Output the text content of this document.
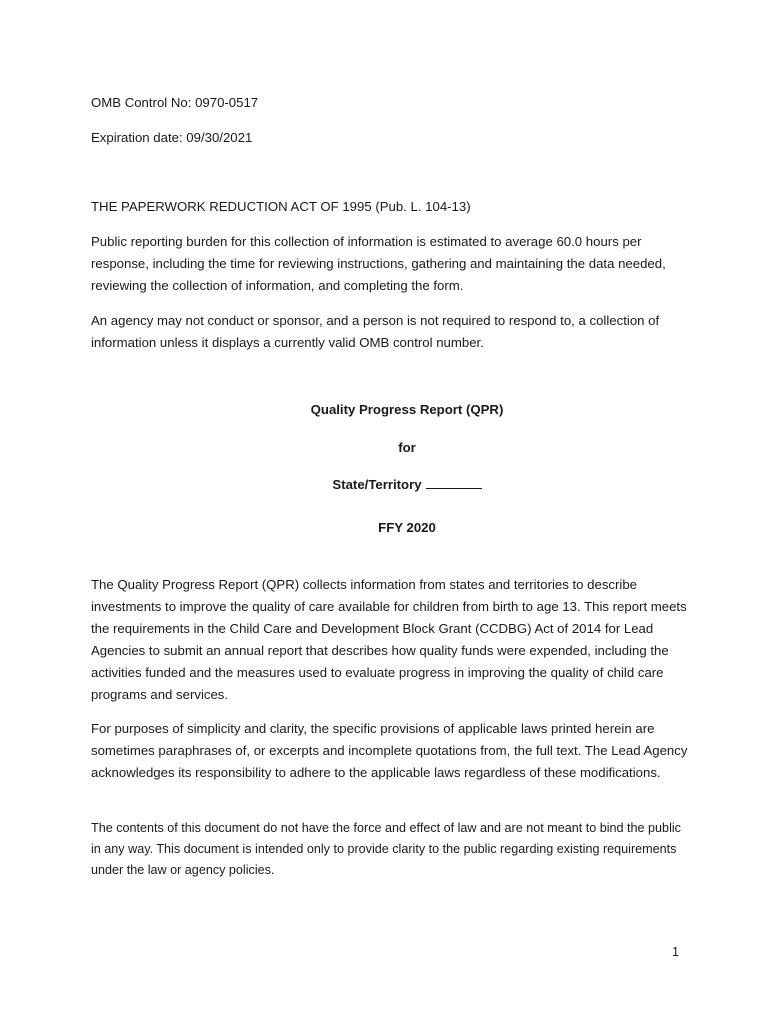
OMB Control No: 0970-0517
Expiration date: 09/30/2021
THE PAPERWORK REDUCTION ACT OF 1995 (Pub. L. 104-13)
Public reporting burden for this collection of information is estimated to average 60.0 hours per response, including the time for reviewing instructions, gathering and maintaining the data needed, reviewing the collection of information, and completing the form.
An agency may not conduct or sponsor, and a person is not required to respond to, a collection of information unless it displays a currently valid OMB control number.
Quality Progress Report (QPR)
for
State/Territory
FFY 2020
The Quality Progress Report (QPR) collects information from states and territories to describe investments to improve the quality of care available for children from birth to age 13. This report meets the requirements in the Child Care and Development Block Grant (CCDBG) Act of 2014 for Lead Agencies to submit an annual report that describes how quality funds were expended, including the activities funded and the measures used to evaluate progress in improving the quality of child care programs and services.
For purposes of simplicity and clarity, the specific provisions of applicable laws printed herein are sometimes paraphrases of, or excerpts and incomplete quotations from, the full text. The Lead Agency acknowledges its responsibility to adhere to the applicable laws regardless of these modifications.
The contents of this document do not have the force and effect of law and are not meant to bind the public in any way. This document is intended only to provide clarity to the public regarding existing requirements under the law or agency policies.
1
